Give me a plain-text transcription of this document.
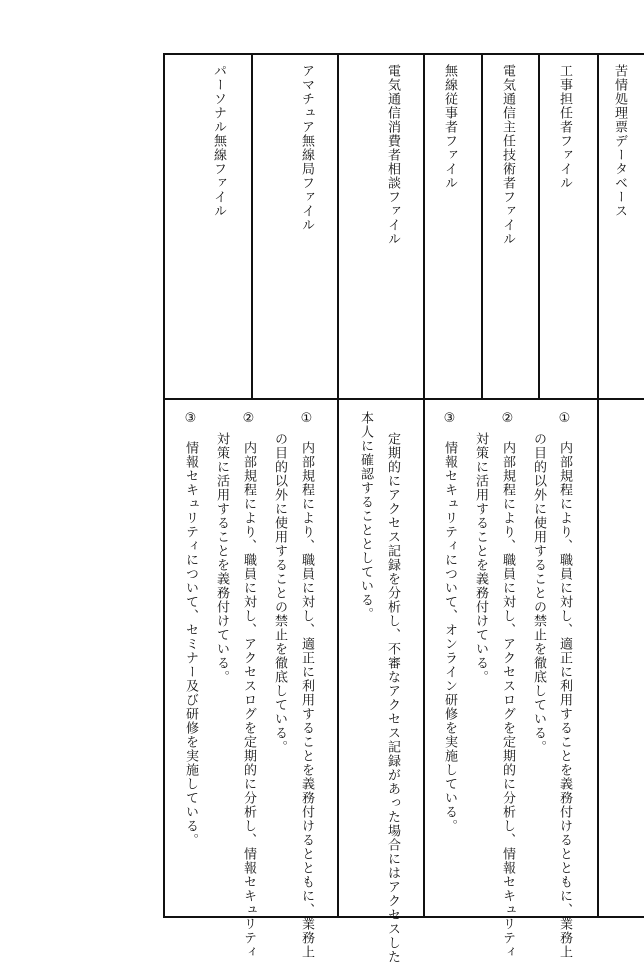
苦情処理票データベース
工事担任者ファイル
電気通信主任技術者ファイル
無線従事者ファイル
電気通信消費者相談ファイル
アマチュア無線局ファイル
パーソナル無線ファイル
①　内部規程により、職員に対し、適正に利用することを義務付けるとともに、業務上
の目的以外に使用することの禁止を徹底している。
②　内部規程により、職員に対し、アクセスログを定期的に分析し、情報セキュリティ
対策に活用することを義務付けている。
③　情報セキュリティについて、オンライン研修を実施している。
定期的にアクセス記録を分析し、不審なアクセス記録があった場合にはアクセスした
本人に確認することとしている。
①　内部規程により、職員に対し、適正に利用することを義務付けるとともに、業務上
の目的以外に使用することの禁止を徹底している。
②　内部規程により、職員に対し、アクセスログを定期的に分析し、情報セキュリティ
対策に活用することを義務付けている。
③　情報セキュリティについて、セミナー及び研修を実施している。
